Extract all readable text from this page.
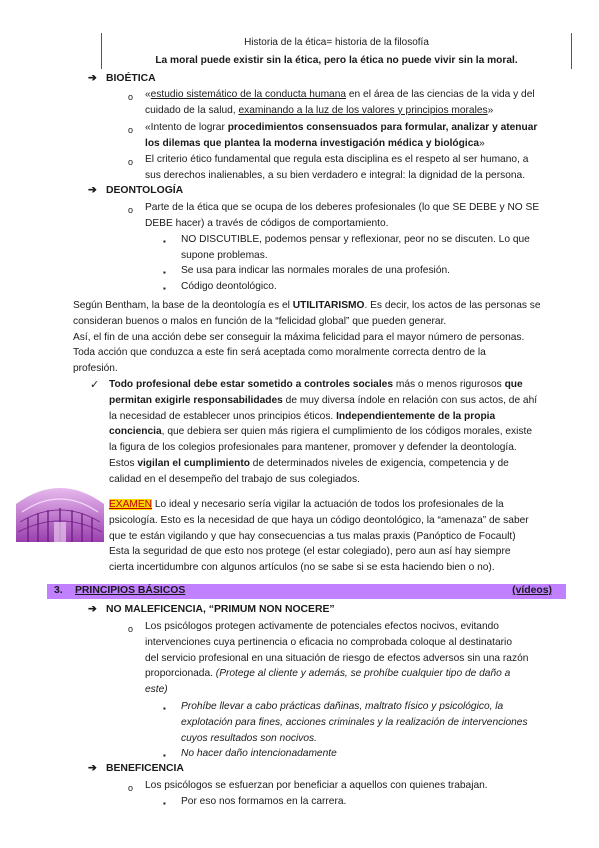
Historia de la ética= historia de la filosofía
La moral puede existir sin la ética, pero la ética no puede vivir sin la moral.
➔ BIOÉTICA
o «estudio sistemático de la conducta humana en el área de las ciencias de la vida y del
cuidado de la salud, examinando a la luz de los valores y principios morales»
o «Intento de lograr procedimientos consensuados para formular, analizar y atenuar
los dilemas que plantea la moderna investigación médica y biológica»
o El criterio ético fundamental que regula esta disciplina es el respeto al ser humano, a
sus derechos inalienables, a su bien verdadero e integral: la dignidad de la persona.
➔ DEONTOLOGÍA
o Parte de la ética que se ocupa de los deberes profesionales (lo que SE DEBE y NO SE
DEBE hacer) a través de códigos de comportamiento.
▪ NO DISCUTIBLE, podemos pensar y reflexionar, peor no se discuten. Lo que
supone problemas.
▪ Se usa para indicar las normales morales de una profesión.
▪ Código deontológico.
Según Bentham, la base de la deontología es el UTILITARISMO. Es decir, los actos de las personas se
consideran buenos o malos en función de la “felicidad global” que pueden generar.
Así, el fin de una acción debe ser conseguir la máxima felicidad para el mayor número de personas.
Toda acción que conduzca a este fin será aceptada como moralmente correcta dentro de la
profesión.
✓ Todo profesional debe estar sometido a controles sociales más o menos rigurosos que
permitan exigirle responsabilidades de muy diversa índole en relación con sus actos, de ahí
la necesidad de establecer unos principios éticos. Independientemente de la propia
conciencia, que debiera ser quien más rigiera el cumplimiento de los códigos morales, existe
la figura de los colegios profesionales para mantener, promover y defender la deontología.
Estos vigilan el cumplimiento de determinados niveles de exigencia, competencia y de
calidad en el desempeño del trabajo de sus colegiados.
EXAMEN Lo ideal y necesario sería vigilar la actuación de todos los profesionales de la
psicología. Esto es la necesidad de que haya un código deontológico, la “amenaza” de saber
que te están vigilando y que hay consecuencias a tus malas praxis (Panóptico de Focault)
Esta la seguridad de que esto nos protege (el estar colegiado), pero aun así hay siempre
cierta incertidumbre con algunos artículos (no se sabe si se esta haciendo bien o no).
3. PRINCIPIOS BÁSICOS	(vídeos)
➔ NO MALEFICENCIA, “PRIMUM NON NOCERE”
o Los psicólogos protegen activamente de potenciales efectos nocivos, evitando
intervenciones cuya pertinencia o eficacia no comprobada coloque al destinatario
del servicio profesional en una situación de riesgo de efectos adversos sin una razón
proporcionada. (Protege al cliente y además, se prohíbe cualquier tipo de daño a
este)
▪ Prohíbe llevar a cabo prácticas dañinas, maltrato físico y psicológico, la
explotación para fines, acciones criminales y la realización de intervenciones
cuyos resultados son nocivos.
▪ No hacer daño intencionadamente
➔ BENEFICENCIA
o Los psicólogos se esfuerzan por beneficiar a aquellos con quienes trabajan.
▪ Por eso nos formamos en la carrera.
